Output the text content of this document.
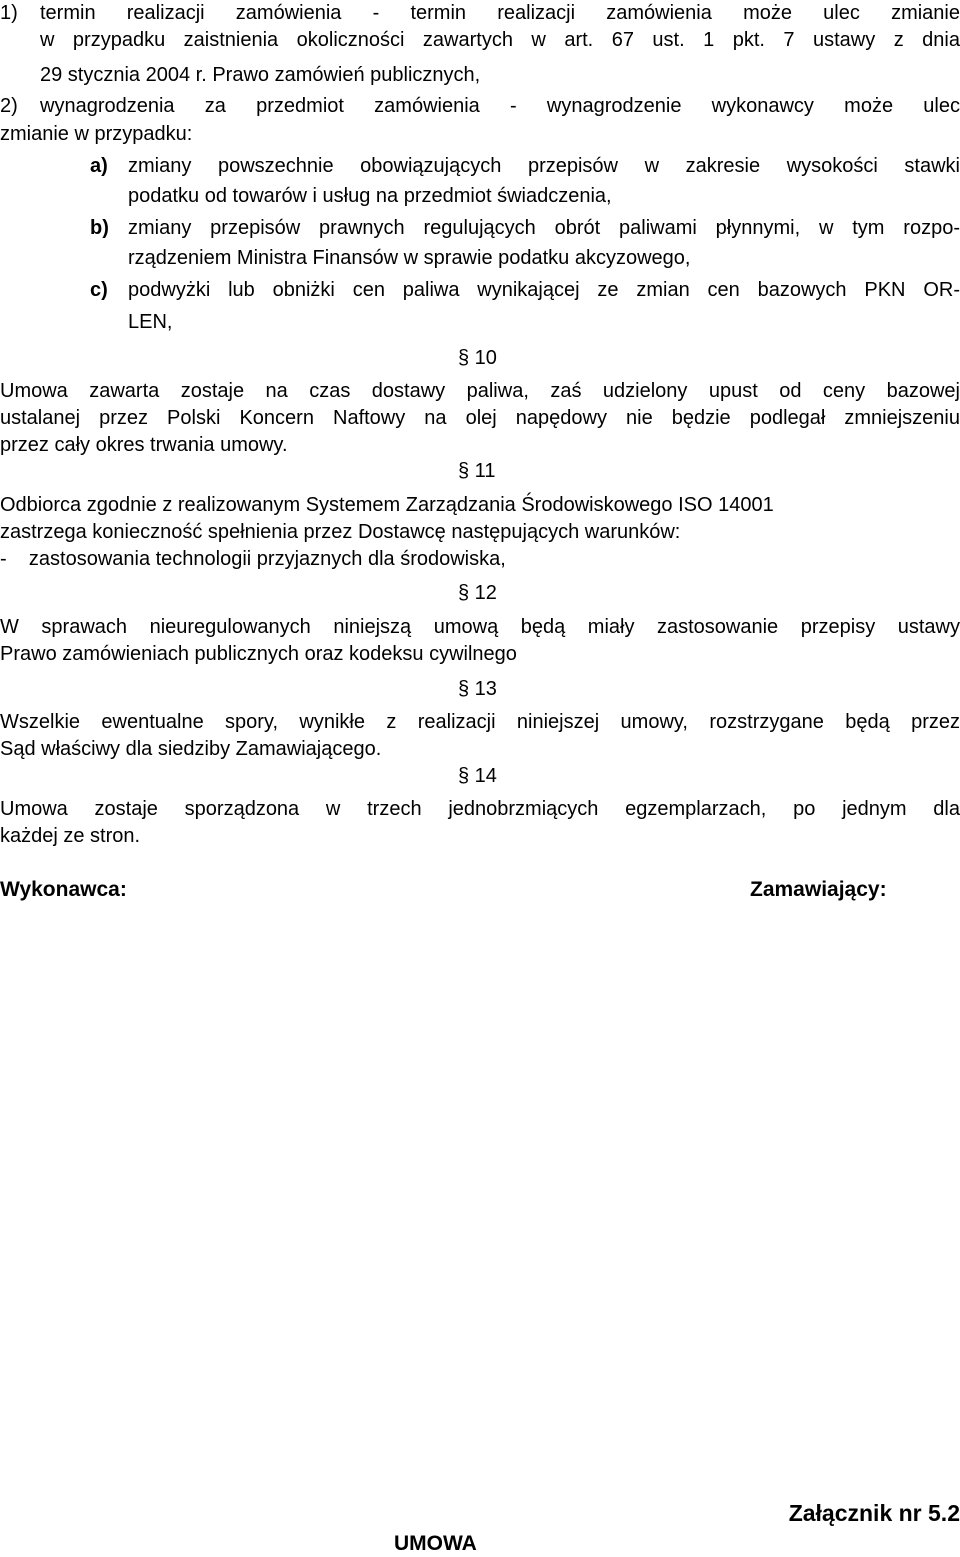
1) termin realizacji zamówienia - termin realizacji zamówienia może ulec zmianie
w przypadku zaistnienia okoliczności zawartych w art. 67 ust. 1 pkt. 7 ustawy z dnia
29 stycznia 2004 r. Prawo zamówień publicznych,
2) wynagrodzenia za przedmiot zamówienia - wynagrodzenie wykonawcy może ulec
zmianie w przypadku:
a)	zmiany powszechnie obowiązujących przepisów w zakresie wysokości stawki
podatku od towarów i usług na przedmiot świadczenia,
b) zmiany przepisów prawnych regulujących obrót paliwami płynnymi, w tym rozpo-
rządzeniem Ministra Finansów w sprawie podatku akcyzowego,
c)	podwyżki lub obniżki cen paliwa wynikającej ze zmian cen bazowych PKN OR-
LEN,
§ 10
Umowa zawarta zostaje na czas dostawy paliwa, zaś udzielony upust od ceny bazowej
ustalanej przez Polski Koncern Naftowy na olej napędowy nie będzie podlegał zmniejszeniu
przez cały okres trwania umowy.
§ 11
Odbiorca zgodnie z realizowanym Systemem Zarządzania Środowiskowego ISO 14001
zastrzega konieczność spełnienia przez Dostawcę następujących warunków:
-    zastosowania technologii przyjaznych dla środowiska,
§ 12
W sprawach nieuregulowanych niniejszą umową będą miały zastosowanie przepisy ustawy
Prawo zamówieniach publicznych oraz kodeksu cywilnego
§ 13
Wszelkie ewentualne spory, wynikłe z realizacji niniejszej umowy, rozstrzygane będą przez
Sąd właściwy dla siedziby Zamawiającego.
§ 14
Umowa zostaje sporządzona w trzech jednobrzmiących egzemplarzach, po jednym dla
każdej ze stron.
Wykonawca:	Zamawiający:
Załącznik nr 5.2
UMOWA
